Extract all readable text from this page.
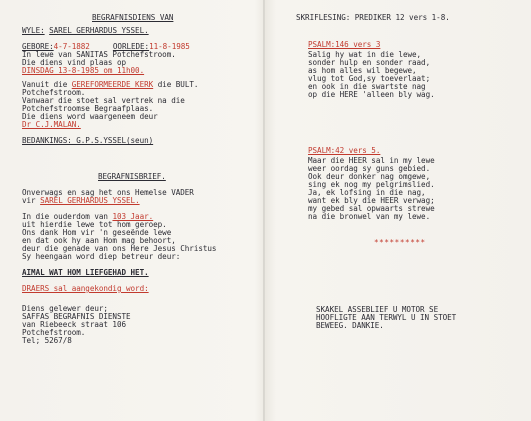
BEGRAFNISDIENS VAN
WYLE: SAREL GERHARDUS YSSEL.
GEBORE:4-7-1882	OORLEDE:11-8-1985
In lewe van SANITAS Potchefstroom.
Die diens vind plaas op
DINSDAG 13-8-1985 om 11h00.
Vanuit die GEREFORMEERDE KERK die BULT.
Potchefstroom.
Vanwaar die stoet sal vertrek na die
Potchefstroomse Begraafplaas.
Die diens word waargeneem deur
Dr C.J.MALAN.
BEDANKINGS: G.P.S.YSSEL(seun)
BEGRAFNISBRIEF.
Onverwags en sag het ons Hemelse VADER
vir SAREL GERHARDUS YSSEL.
In die ouderdom van 103 Jaar.
uit hierdie lewe tot hom geroep.
Ons dank Hom vir 'n geseënde lewe
en dat ook hy aan Hom mag behoort,
deur die genade van ons Here Jesus Christus
Sy heengaan word diep betreur deur:
AIMAL WAT HOM LIEFGEHAD HET.
DRAERS sal aangekondig word:
Diens gelewer deur;
SAFFAS BEGRAFNIS DIENSTE
van Riebeeck straat 106
Potchefstroom.
Tel; 5267/8
SKRIFLESING: PREDIKER 12 vers 1-8.
PSALM:146 vers 3
Salig hy wat in die lewe,
sonder hulp en sonder raad,
as hom alles wil begewe,
vlug tot God,sy toeverlaat;
en ook in die swartste nag
op die HERE 'alleen bly wag.
PSALM:42 vers 5.
Maar die HEER sal in my lewe
weer oordag sy guns gebied.
Ook deur donker nag omgewe,
sing ek nog my pelgrimslied.
Ja, ek lofsing in die nag,
want ek bly die HEER verwag;
my gebed sal opwaarts strewe
na die bronwel van my lewe.
**********
SKAKEL ASSEBLIEF U MOTOR SE
HOOFLIGTE AAN TERWYL U IN STOET
BEWEEG. DANKIE.
